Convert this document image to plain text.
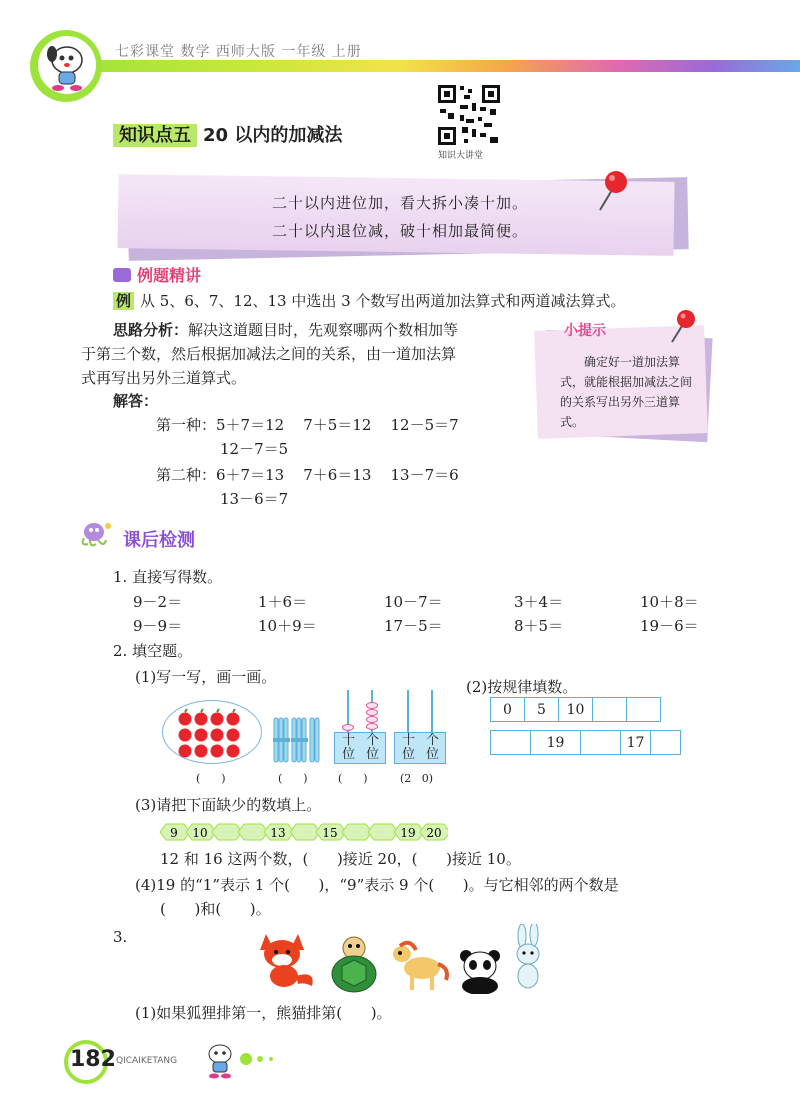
七彩课堂 数学 西师大版 一年级 上册
知识点五 20 以内的加减法
知识大讲堂
二十以内进位加，看大拆小凑十加。
二十以内退位减，破十相加最简便。
例题精讲
例 从 5、6、7、12、13 中选出 3 个数写出两道加法算式和两道减法算式。
思路分析：解决这道题目时，先观察哪两个数相加等
于第三个数，然后根据加减法之间的关系，由一道加法算
式再写出另外三道算式。
解答：
第一种：5＋7＝12    7＋5＝12    12－5＝7
12－7＝5
第二种：6＋7＝13    7＋6＝13    13－7＝6
13－6＝7
小提示
确定好一道加法算式，就能根据加减法之间的关系写出另外三道算式。
课后检测
1. 直接写得数。
9－2＝	1＋6＝	10－7＝	3＋4＝	10＋8＝
9－9＝	10＋9＝	17－5＝	8＋5＝	19－6＝
2. 填空题。
(1)写一写，画一画。
(2)按规律填数。
十
位
个
位
十
位
个
位
(      )	(      )	(      )	(2   0)
0	5	10		
	19		17	
(3)请把下面缺少的数填上。
9 10	13	15	19 20
12 和 16 这两个数，(      )接近 20，(      )接近 10。
(4)19 的“1”表示 1 个(      )，“9”表示 9 个(      )。与它相邻的两个数是
(      )和(      )。
3.
(1)如果狐狸排第一，熊猫排第(      )。
182 QICAIKETANG
